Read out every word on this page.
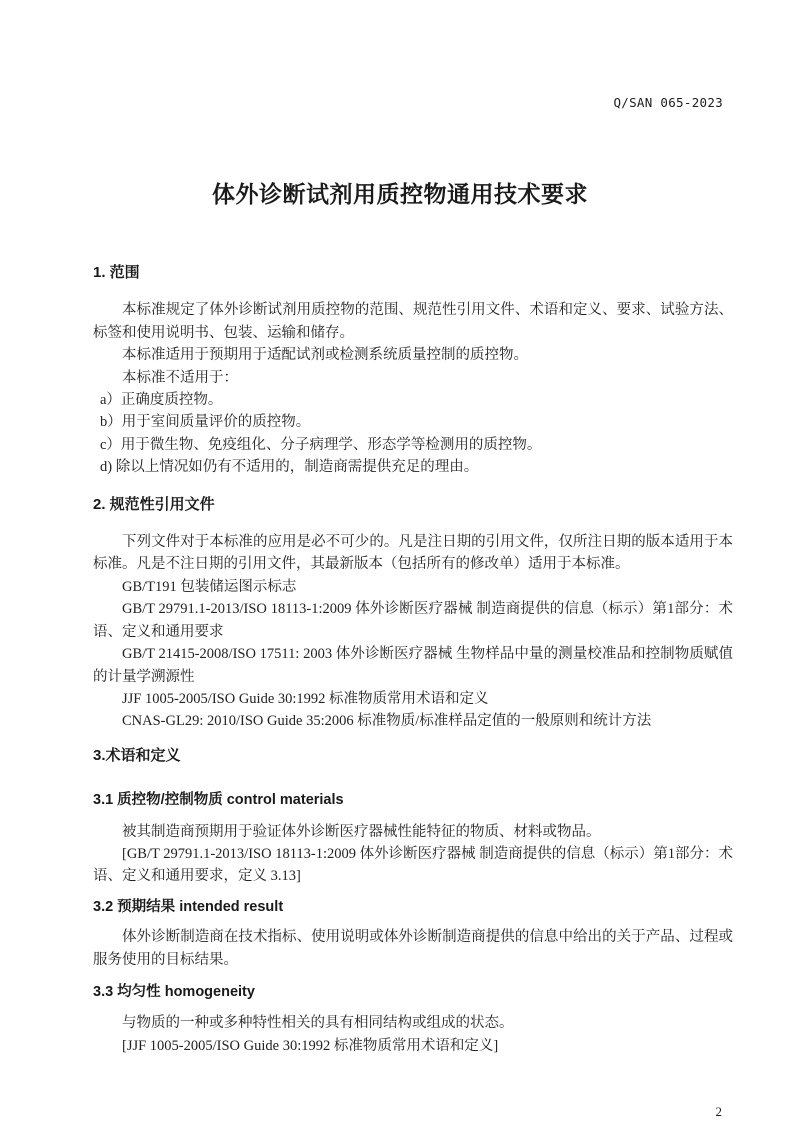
Q/SAN 065-2023
体外诊断试剂用质控物通用技术要求
1. 范围

本标准规定了体外诊断试剂用质控物的范围、规范性引用文件、术语和定义、要求、试验方法、标签和使用说明书、包装、运输和储存。

本标准适用于预期用于适配试剂或检测系统质量控制的质控物。

本标准不适用于：

a）正确度质控物。

b）用于室间质量评价的质控物。

c）用于微生物、免疫组化、分子病理学、形态学等检测用的质控物。

d) 除以上情况如仍有不适用的，制造商需提供充足的理由。

2. 规范性引用文件

下列文件对于本标准的应用是必不可少的。凡是注日期的引用文件，仅所注日期的版本适用于本标准。凡是不注日期的引用文件，其最新版本（包括所有的修改单）适用于本标准。

GB/T191 包装储运图示标志

GB/T 29791.1-2013/ISO 18113-1:2009 体外诊断医疗器械 制造商提供的信息（标示）第1部分：术语、定义和通用要求

GB/T 21415-2008/ISO 17511: 2003 体外诊断医疗器械 生物样品中量的测量校准品和控制物质赋值的计量学溯源性

JJF 1005-2005/ISO Guide 30:1992 标准物质常用术语和定义

CNAS-GL29: 2010/ISO Guide 35:2006 标准物质/标准样品定值的一般原则和统计方法

3.术语和定义
3.1 质控物/控制物质 control materials

被其制造商预期用于验证体外诊断医疗器械性能特征的物质、材料或物品。

[GB/T 29791.1-2013/ISO 18113-1:2009 体外诊断医疗器械 制造商提供的信息（标示）第1部分：术语、定义和通用要求，定义 3.13]

3.2 预期结果 intended result

体外诊断制造商在技术指标、使用说明或体外诊断制造商提供的信息中给出的关于产品、过程或服务使用的目标结果。

3.3 均匀性 homogeneity

与物质的一种或多种特性相关的具有相同结构或组成的状态。

[JJF 1005-2005/ISO Guide 30:1992 标准物质常用术语和定义]

2
